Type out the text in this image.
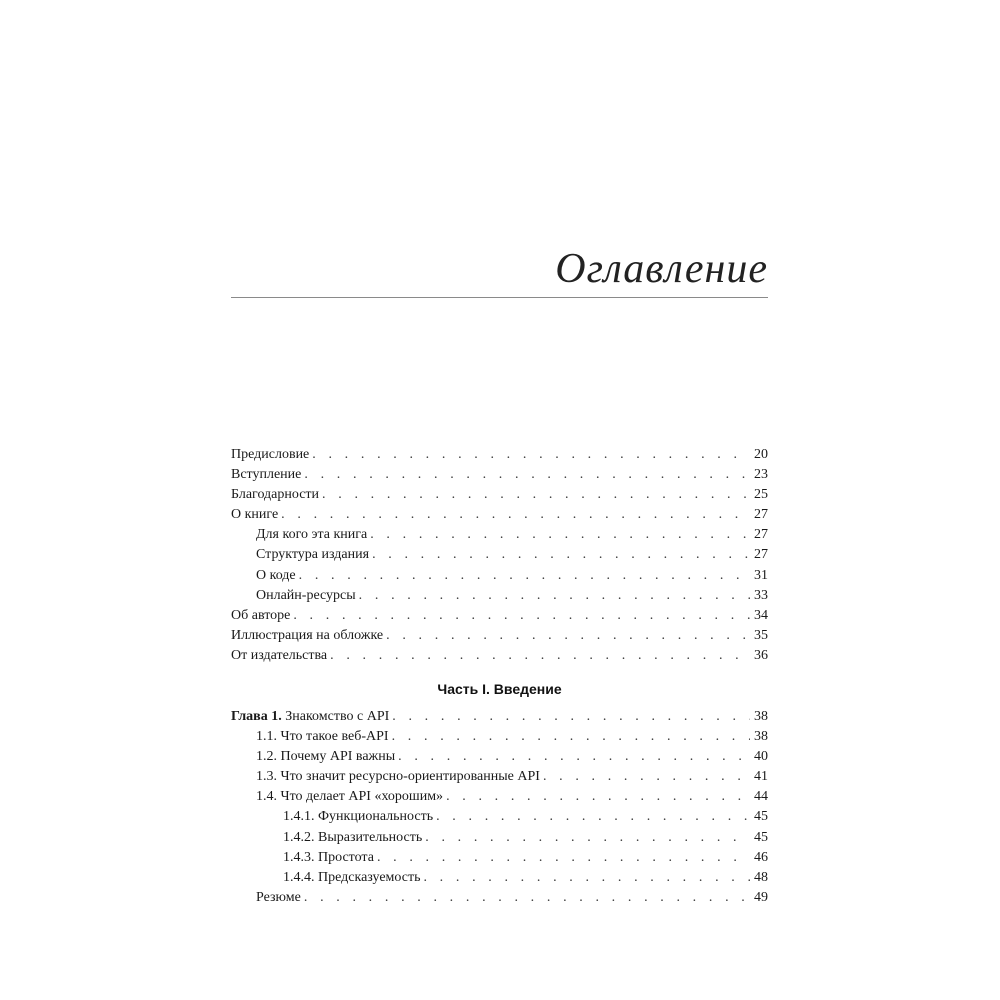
Оглавление
Предисловие . . .	20
Вступление . . .	23
Благодарности . . .	25
О книге . . .	27
Для кого эта книга . . .	27
Структура издания . . .	27
О коде . . .	31
Онлайн-ресурсы . . .	33
Об авторе . . .	34
Иллюстрация на обложке . . .	35
От издательства . . .	36
Часть I. Введение
Глава 1. Знакомство с API . . .	38
1.1. Что такое веб-API . . .	38
1.2. Почему API важны . . .	40
1.3. Что значит ресурсно-ориентированные API . . .	41
1.4. Что делает API «хорошим» . . .	44
1.4.1. Функциональность . . .	45
1.4.2. Выразительность . . .	45
1.4.3. Простота . . .	46
1.4.4. Предсказуемость . . .	48
Резюме . . .	49
